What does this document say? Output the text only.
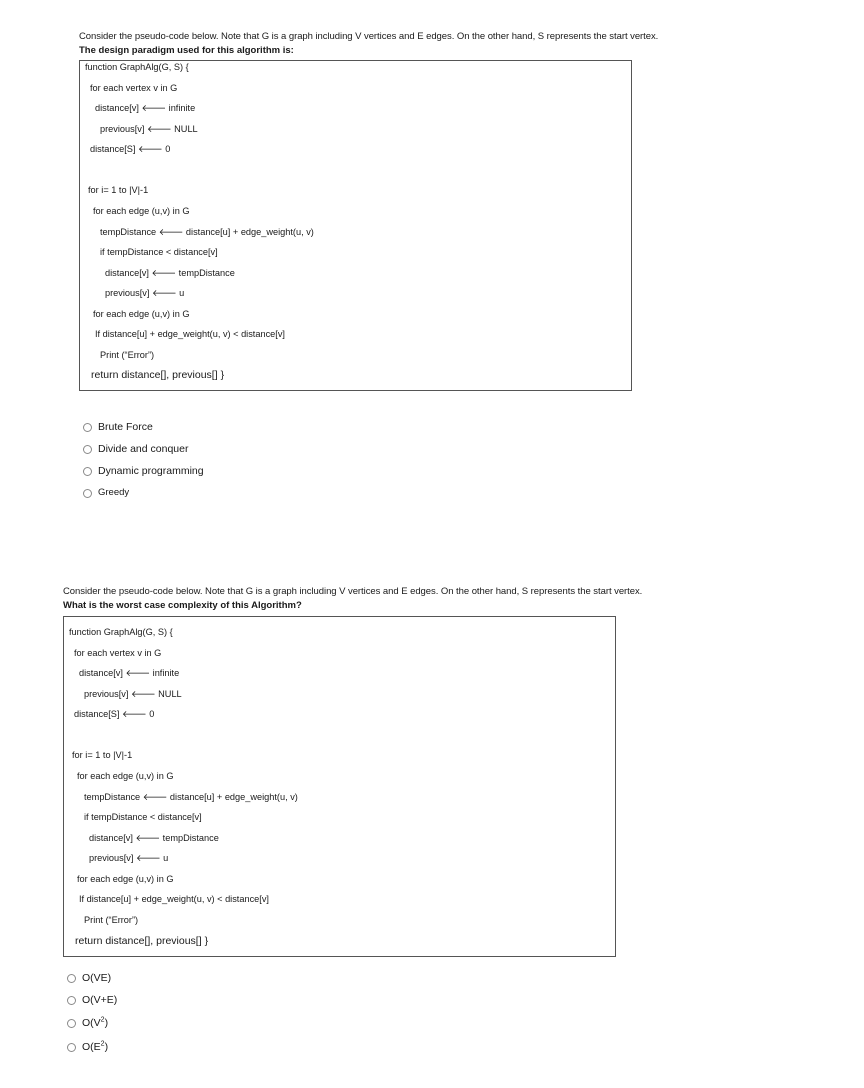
Consider the pseudo-code below. Note that G is a graph including V vertices and E edges. On the other hand, S represents the start vertex.
The design paradigm used for this algorithm is:
function GraphAlg(G, S) {
for each vertex v in G
distance[v] 🡐 infinite
previous[v] 🡐 NULL
distance[S] 🡐 0
for i= 1 to |V|-1
for each edge (u,v) in G
tempDistance 🡐 distance[u] + edge_weight(u, v)
if tempDistance < distance[v]
distance[v] 🡐 tempDistance
previous[v] 🡐 u
for each edge (u,v) in G
If distance[u] + edge_weight(u, v) < distance[v]
Print (“Error”)
return distance[], previous[] }
Brute Force
Divide and conquer
Dynamic programming
Greedy
Consider the pseudo-code below. Note that G is a graph including V vertices and E edges. On the other hand, S represents the start vertex.
What is the worst case complexity of this Algorithm?
function GraphAlg(G, S) {
for each vertex v in G
distance[v] 🡐 infinite
previous[v] 🡐 NULL
distance[S] 🡐 0
for i= 1 to |V|-1
for each edge (u,v) in G
tempDistance 🡐 distance[u] + edge_weight(u, v)
if tempDistance < distance[v]
distance[v] 🡐 tempDistance
previous[v] 🡐 u
for each edge (u,v) in G
If distance[u] + edge_weight(u, v) < distance[v]
Print (“Error”)
return distance[], previous[] }
O(VE)
O(V+E)
$O(V^2)$
$O(E^2)$
